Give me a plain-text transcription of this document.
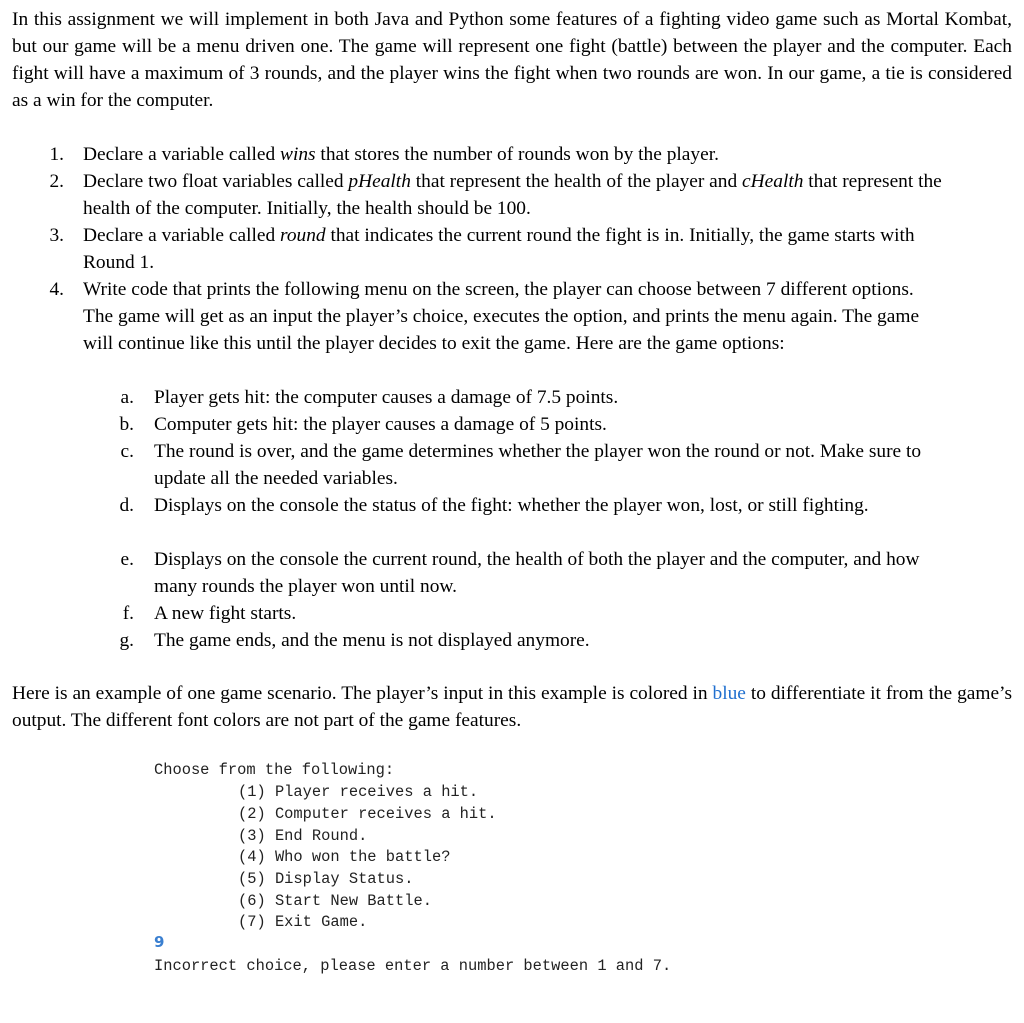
In this assignment we will implement in both Java and Python some features of a fighting video game such as Mortal Kombat, but our game will be a menu driven one. The game will represent one fight (battle) between the player and the computer. Each fight will have a maximum of 3 rounds, and the player wins the fight when two rounds are won. In our game, a tie is considered as a win for the computer.

1. Declare a variable called wins that stores the number of rounds won by the player.
2. Declare two float variables called pHealth that represent the health of the player and cHealth that represent the health of the computer. Initially, the health should be 100.
3. Declare a variable called round that indicates the current round the fight is in. Initially, the game starts with Round 1.
4. Write code that prints the following menu on the screen, the player can choose between 7 different options. The game will get as an input the player’s choice, executes the option, and prints the menu again. The game will continue like this until the player decides to exit the game. Here are the game options:
a. Player gets hit: the computer causes a damage of 7.5 points.
b. Computer gets hit: the player causes a damage of 5 points.
c. The round is over, and the game determines whether the player won the round or not. Make sure to update all the needed variables.
d. Displays on the console the status of the fight: whether the player won, lost, or still fighting.
e. Displays on the console the current round, the health of both the player and the computer, and how many rounds the player won until now.
f. A new fight starts.
g. The game ends, and the menu is not displayed anymore.

Here is an example of one game scenario. The player’s input in this example is colored in blue to differentiate it from the game’s output. The different font colors are not part of the game features.

Choose from the following:
(1) Player receives a hit.
(2) Computer receives a hit.
(3) End Round.
(4) Who won the battle?
(5) Display Status.
(6) Start New Battle.
(7) Exit Game.
9
Incorrect choice, please enter a number between 1 and 7.
